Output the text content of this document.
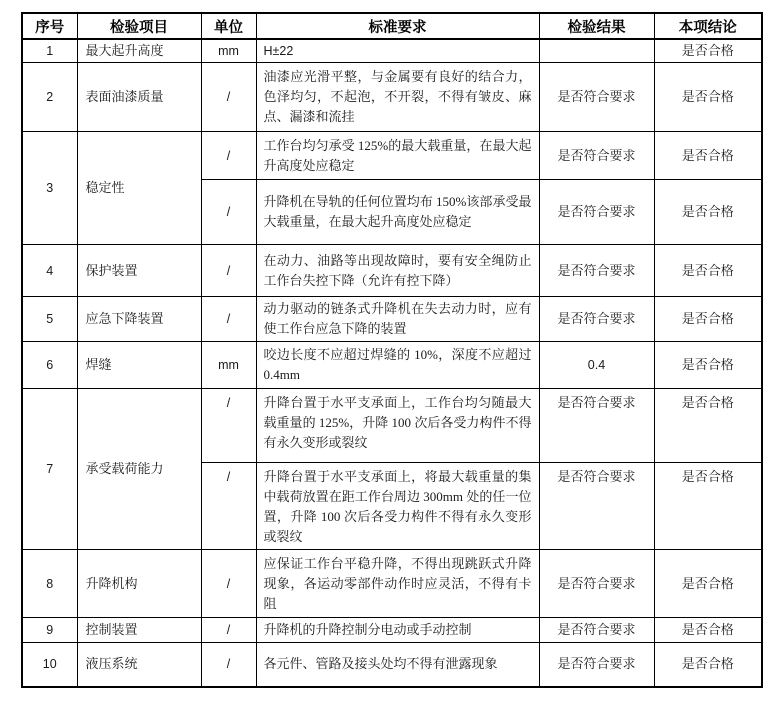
序号	检验项目	单位	标准要求	检验结果	本项结论
1	最大起升高度	mm	H±22		是否合格
2	表面油漆质量	/	油漆应光滑平整，与金属要有良好的结合力，色泽均匀，不起泡，不开裂，不得有皱皮、麻点、漏漆和流挂	是否符合要求	是否合格
3	稳定性	/	工作台均匀承受 125%的最大载重量，在最大起升高度处应稳定	是否符合要求	是否合格
		/	升降机在导轨的任何位置均布 150%该部承受最大载重量，在最大起升高度处应稳定	是否符合要求	是否合格
4	保护装置	/	在动力、油路等出现故障时，要有安全绳防止工作台失控下降（允许有控下降）	是否符合要求	是否合格
5	应急下降装置	/	动力驱动的链条式升降机在失去动力时，应有使工作台应急下降的装置	是否符合要求	是否合格
6	焊缝	mm	咬边长度不应超过焊缝的 10%，深度不应超过 0.4mm	0.4	是否合格
7	承受载荷能力	/	升降台置于水平支承面上，工作台均匀随最大载重量的 125%，升降 100 次后各受力构件不得有永久变形或裂纹	是否符合要求	是否合格
		/	升降台置于水平支承面上，将最大载重量的集中载荷放置在距工作台周边 300mm 处的任一位置，升降 100 次后各受力构件不得有永久变形或裂纹	是否符合要求	是否合格
8	升降机构	/	应保证工作台平稳升降，不得出现跳跃式升降现象，各运动零部件动作时应灵活，不得有卡阻	是否符合要求	是否合格
9	控制装置	/	升降机的升降控制分电动或手动控制	是否符合要求	是否合格
10	液压系统	/	各元件、管路及接头处均不得有泄露现象	是否符合要求	是否合格
